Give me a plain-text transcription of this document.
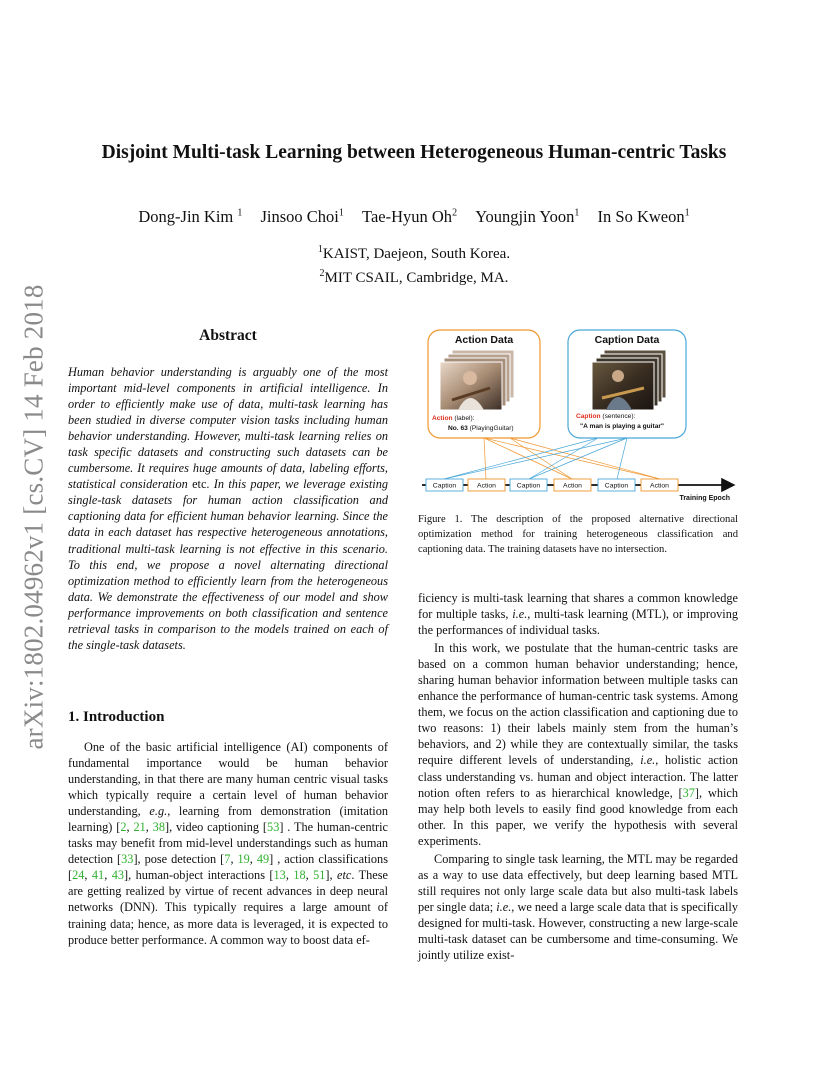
arXiv:1802.04962v1 [cs.CV] 14 Feb 2018
Disjoint Multi-task Learning between Heterogeneous Human-centric Tasks
Dong-Jin Kim $^1$ Jinsoo Choi$^1$ Tae-Hyun Oh$^2$ Youngjin Yoon$^1$ In So Kweon$^1$
$^1$KAIST, Daejeon, South Korea.
$^2$MIT CSAIL, Cambridge, MA.
Abstract
Human behavior understanding is arguably one of the most important mid-level components in artificial intelligence. In order to efficiently make use of data, multi-task learning has been studied in diverse computer vision tasks including human behavior understanding. However, multi-task learning relies on task specific datasets and constructing such datasets can be cumbersome. It requires huge amounts of data, labeling efforts, statistical consideration etc. In this paper, we leverage existing single-task datasets for human action classification and captioning data for efficient human behavior learning. Since the data in each dataset has respective heterogeneous annotations, traditional multi-task learning is not effective in this scenario. To this end, we propose a novel alternating directional optimization method to efficiently learn from the heterogeneous data. We demonstrate the effectiveness of our model and show performance improvements on both classification and sentence retrieval tasks in comparison to the models trained on each of the single-task datasets.
1. Introduction
One of the basic artificial intelligence (AI) components of fundamental importance would be human behavior understanding, in that there are many human centric visual tasks which typically require a certain level of human behavior understanding, e.g., learning from demonstration (imitation learning) [2, 21, 38], video captioning [53] . The human-centric tasks may benefit from mid-level understandings such as human detection [33], pose detection [7, 19, 49] , action classifications [24, 41, 43], human-object interactions [13, 18, 51], etc. These are getting realized by virtue of recent advances in deep neural networks (DNN). This typically requires a large amount of training data; hence, as more data is leveraged, it is expected to produce better performance. A common way to boost data ef-
Action Data
Action (label):
No. 63 (PlayingGuitar)
Caption Data
Caption (sentence):
"A man is playing a guitar"
Caption	Action	Caption	Action	Caption	Action
Training Epoch
Figure 1. The description of the proposed alternative directional optimization method for training heterogeneous classification and captioning data. The training datasets have no intersection.

ficiency is multi-task learning that shares a common knowledge for multiple tasks, i.e., multi-task learning (MTL), or improving the performances of individual tasks.

In this work, we postulate that the human-centric tasks are based on a common human behavior understanding; hence, sharing human behavior information between multiple tasks can enhance the performance of human-centric task systems. Among them, we focus on the action classification and captioning due to two reasons: 1) their labels mainly stem from the human’s behaviors, and 2) while they are contextually similar, the tasks require different levels of understanding, i.e., holistic action class understanding vs. human and object interaction. The latter notion often refers to as hierarchical knowledge, [37], which may help both levels to easily find good knowledge from each other. In this paper, we verify the hypothesis with several experiments.

Comparing to single task learning, the MTL may be regarded as a way to use data effectively, but deep learning based MTL still requires not only large scale data but also multi-task labels per single data; i.e., we need a large scale data that is specifically designed for multi-task. However, constructing a new large-scale multi-task dataset can be cumbersome and time-consuming. We jointly utilize exist-
